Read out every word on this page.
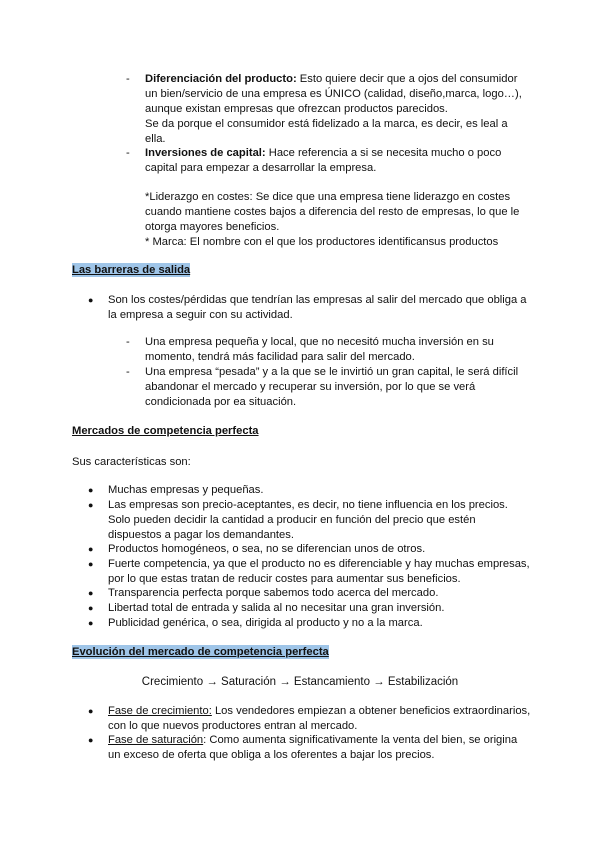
- Diferenciación del producto: Esto quiere decir que a ojos del consumidor
un bien/servicio de una empresa es ÚNICO (calidad, diseño,marca, logo…),
aunque existan empresas que ofrezcan productos parecidos.
Se da porque el consumidor está fidelizado a la marca, es decir, es leal a
ella.
- Inversiones de capital: Hace referencia a si se necesita mucho o poco
capital para empezar a desarrollar la empresa.
*Liderazgo en costes: Se dice que una empresa tiene liderazgo en costes
cuando mantiene costes bajos a diferencia del resto de empresas, lo que le
otorga mayores beneficios.
* Marca: El nombre con el que los productores identificansus productos
Las barreras de salida
● Son los costes/pérdidas que tendrían las empresas al salir del mercado que obliga a
la empresa a seguir con su actividad.
- Una empresa pequeña y local, que no necesitó mucha inversión en su
momento, tendrá más facilidad para salir del mercado.
- Una empresa “pesada” y a la que se le invirtió un gran capital, le será difícil
abandonar el mercado y recuperar su inversión, por lo que se verá
condicionada por ea situación.
Mercados de competencia perfecta
Sus características son:
● Muchas empresas y pequeñas.
● Las empresas son precio-aceptantes, es decir, no tiene influencia en los precios.
Solo pueden decidir la cantidad a producir en función del precio que estén
dispuestos a pagar los demandantes.
● Productos homogéneos, o sea, no se diferencian unos de otros.
● Fuerte competencia, ya que el producto no es diferenciable y hay muchas empresas,
por lo que estas tratan de reducir costes para aumentar sus beneficios.
● Transparencia perfecta porque sabemos todo acerca del mercado.
● Libertad total de entrada y salida al no necesitar una gran inversión.
● Publicidad genérica, o sea, dirigida al producto y no a la marca.
Evolución del mercado de competencia perfecta
Crecimiento → Saturación → Estancamiento → Estabilización
● Fase de crecimiento: Los vendedores empiezan a obtener beneficios extraordinarios,
con lo que nuevos productores entran al mercado.
● Fase de saturación: Como aumenta significativamente la venta del bien, se origina
un exceso de oferta que obliga a los oferentes a bajar los precios.
